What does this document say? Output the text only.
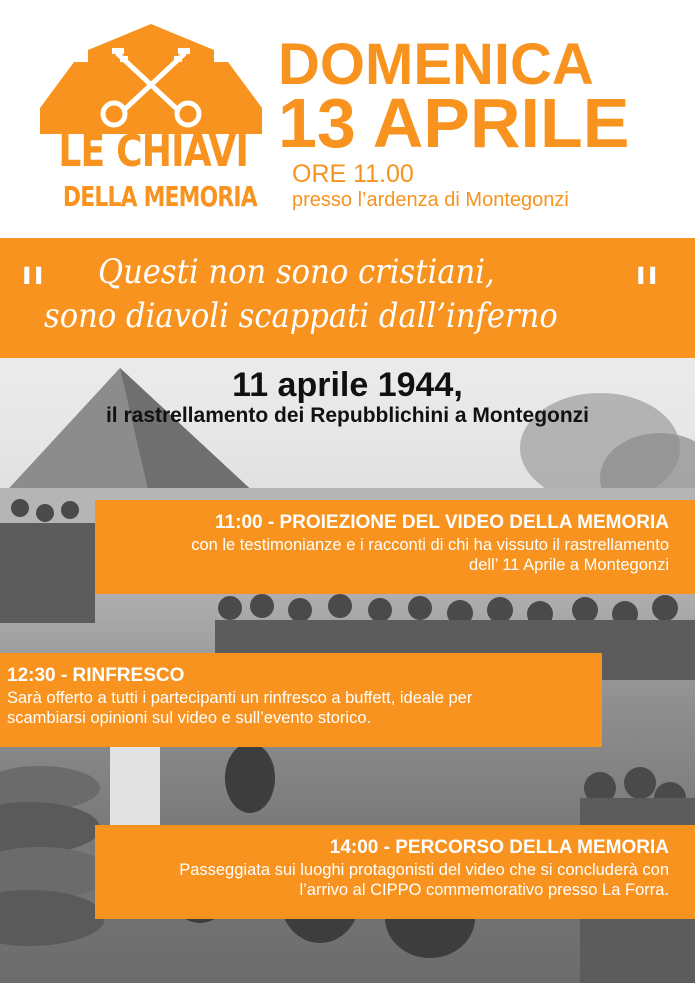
LE CHIAVI
DELLA MEMORIA
DOMENICA
13 APRILE
ORE 11.00
presso l’ardenza di Montegonzi
"	"
Questi non sono cristiani,
sono diavoli scappati dall’inferno
11 aprile 1944,
il rastrellamento dei Repubblichini a Montegonzi
11:00 - PROIEZIONE DEL VIDEO DELLA MEMORIA
con le testimonianze e i racconti di chi ha vissuto il rastrellamento
dell’ 11 Aprile a Montegonzi
12:30 - RINFRESCO
Sarà offerto a tutti i partecipanti un rinfresco a buffett, ideale per
scambiarsi opinioni sul video e sull’evento storico.
14:00 - PERCORSO DELLA MEMORIA
Passeggiata sui luoghi protagonisti del video che si concluderà con
l’arrivo al CIPPO commemorativo presso La Forra.
